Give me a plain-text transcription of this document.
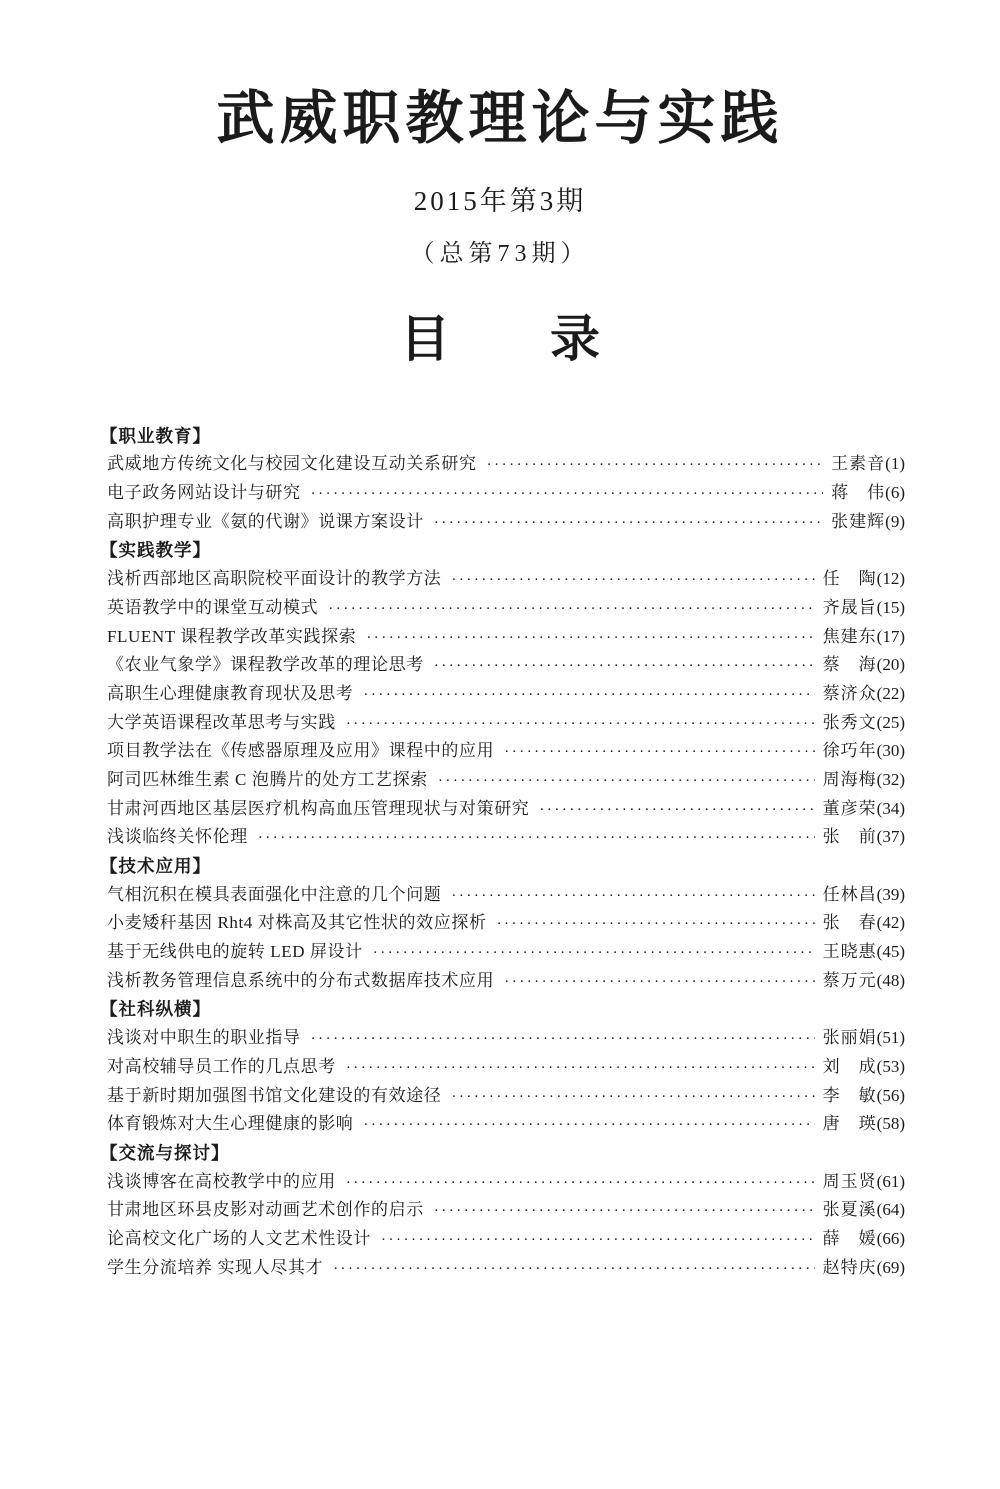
武威职教理论与实践
2015年第3期
（总第73期）
目　　录
【职业教育】
武威地方传统文化与校园文化建设互动关系研究 ·····	王素音 (1)
电子政务网站设计与研究 ·····	蒋　伟 (6)
高职护理专业《氨的代谢》说课方案设计 ·····	张建辉 (9)
【实践教学】
浅析西部地区高职院校平面设计的教学方法 ·····	任　陶 (12)
英语教学中的课堂互动模式 ·····	齐晟旨 (15)
FLUENT 课程教学改革实践探索 ·····	焦建东 (17)
《农业气象学》课程教学改革的理论思考 ·····	蔡　海 (20)
高职生心理健康教育现状及思考 ·····	蔡济众 (22)
大学英语课程改革思考与实践 ·····	张秀文 (25)
项目教学法在《传感器原理及应用》课程中的应用 ·····	徐巧年 (30)
阿司匹林维生素 C 泡腾片的处方工艺探索 ·····	周海梅 (32)
甘肃河西地区基层医疗机构高血压管理现状与对策研究 ·····	董彦荣 (34)
浅谈临终关怀伦理 ·····	张　前 (37)
【技术应用】
气相沉积在模具表面强化中注意的几个问题 ·····	任林昌 (39)
小麦矮秆基因 Rht4 对株高及其它性状的效应探析 ·····	张　春 (42)
基于无线供电的旋转 LED 屏设计 ·····	王晓惠 (45)
浅析教务管理信息系统中的分布式数据库技术应用 ·····	蔡万元 (48)
【社科纵横】
浅谈对中职生的职业指导 ·····	张丽娟 (51)
对高校辅导员工作的几点思考 ·····	刘　成 (53)
基于新时期加强图书馆文化建设的有效途径 ·····	李　敏 (56)
体育锻炼对大生心理健康的影响 ·····	唐　瑛 (58)
【交流与探讨】
浅谈博客在高校教学中的应用 ·····	周玉贤 (61)
甘肃地区环县皮影对动画艺术创作的启示 ·····	张夏溪 (64)
论高校文化广场的人文艺术性设计 ·····	薛　媛 (66)
学生分流培养 实现人尽其才 ·····	赵特庆 (69)
